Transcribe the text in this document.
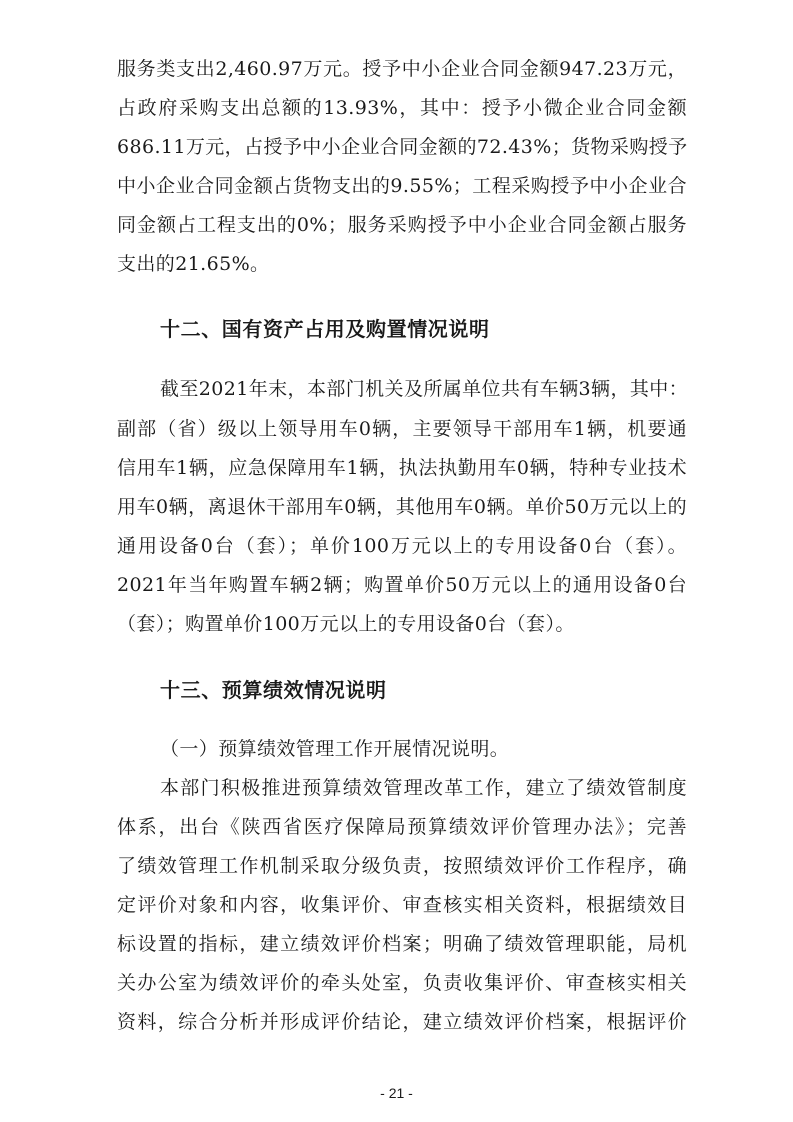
服务类支出2,460.97万元。授予中小企业合同金额947.23万元，
占政府采购支出总额的13.93%，其中：授予小微企业合同金额
686.11万元，占授予中小企业合同金额的72.43%；货物采购授予
中小企业合同金额占货物支出的9.55%；工程采购授予中小企业合
同金额占工程支出的0%；服务采购授予中小企业合同金额占服务
支出的21.65%。
十二、国有资产占用及购置情况说明
截至2021年末，本部门机关及所属单位共有车辆3辆，其中：
副部（省）级以上领导用车0辆，主要领导干部用车1辆，机要通
信用车1辆，应急保障用车1辆，执法执勤用车0辆，特种专业技术
用车0辆，离退休干部用车0辆，其他用车0辆。单价50万元以上的
通用设备0台（套）；单价100万元以上的专用设备0台（套）。
2021年当年购置车辆2辆；购置单价50万元以上的通用设备0台
（套）；购置单价100万元以上的专用设备0台（套）。
十三、预算绩效情况说明
（一）预算绩效管理工作开展情况说明。
本部门积极推进预算绩效管理改革工作，建立了绩效管制度
体系，出台《陕西省医疗保障局预算绩效评价管理办法》；完善
了绩效管理工作机制采取分级负责，按照绩效评价工作程序，确
定评价对象和内容，收集评价、审查核实相关资料，根据绩效目
标设置的指标，建立绩效评价档案；明确了绩效管理职能，局机
关办公室为绩效评价的牵头处室，负责收集评价、审查核实相关
资料，综合分析并形成评价结论，建立绩效评价档案，根据评价
- 21 -
